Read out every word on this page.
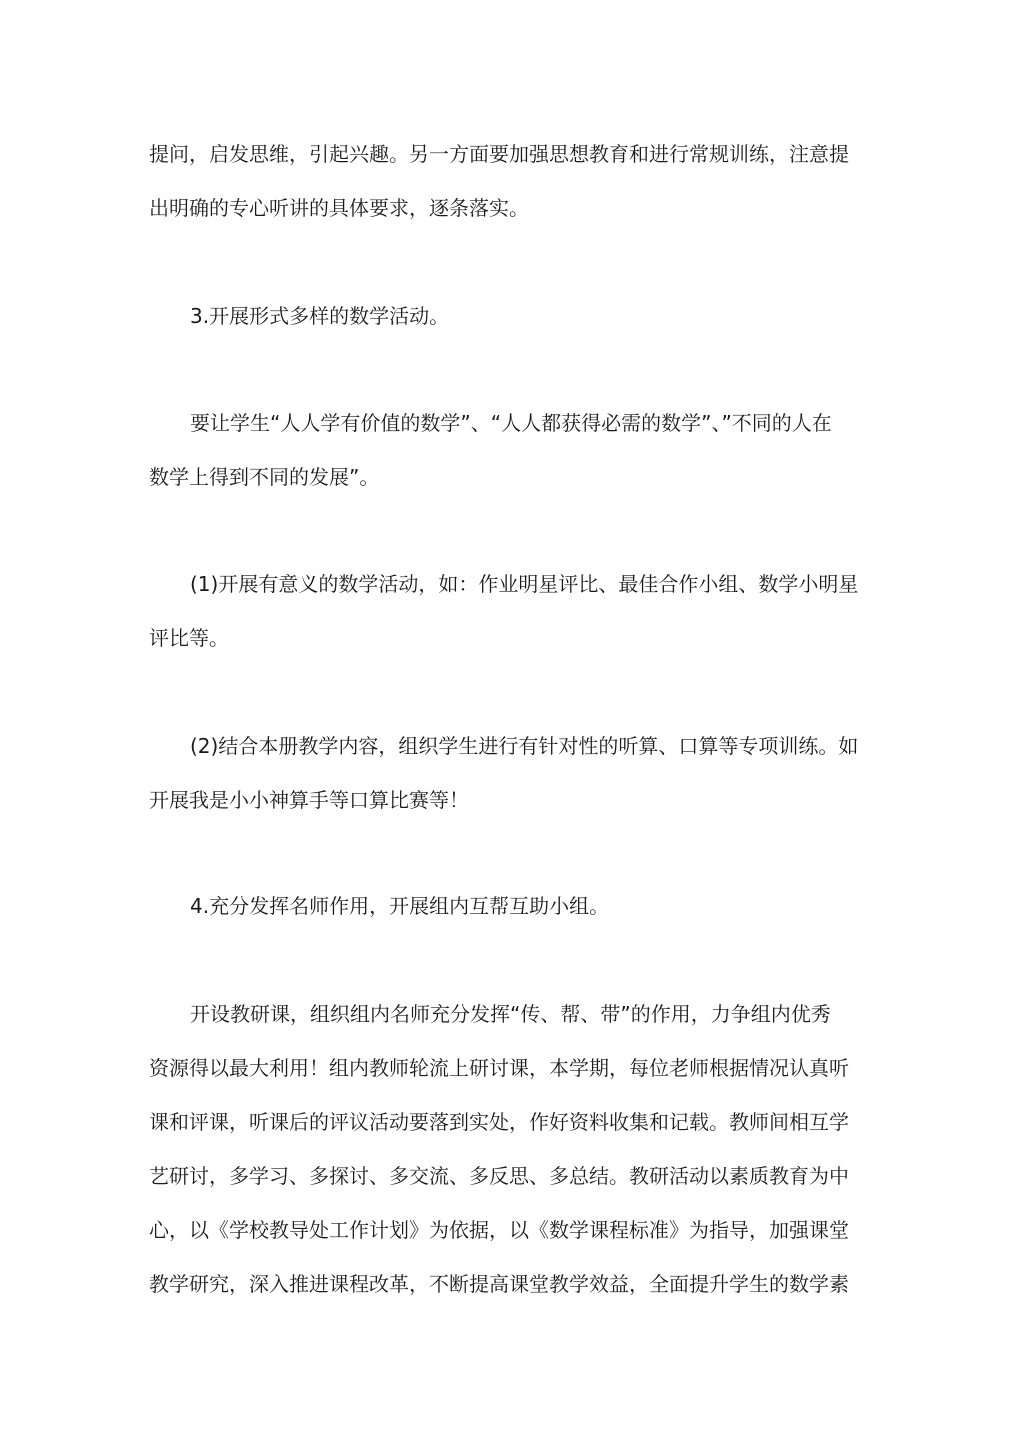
提问，启发思维，引起兴趣。另一方面要加强思想教育和进行常规训练，注意提
出明确的专心听讲的具体要求，逐条落实。

3.开展形式多样的数学活动。

要让学生“人人学有价值的数学”、“人人都获得必需的数学”、”不同的人在
数学上得到不同的发展”。

(1)开展有意义的数学活动，如：作业明星评比、最佳合作小组、数学小明星
评比等。

(2)结合本册教学内容，组织学生进行有针对性的听算、口算等专项训练。如
开展我是小小神算手等口算比赛等！

4.充分发挥名师作用，开展组内互帮互助小组。

开设教研课，组织组内名师充分发挥“传、帮、带”的作用，力争组内优秀
资源得以最大利用！组内教师轮流上研讨课，本学期，每位老师根据情况认真听
课和评课，听课后的评议活动要落到实处，作好资料收集和记载。教师间相互学
艺研讨，多学习、多探讨、多交流、多反思、多总结。教研活动以素质教育为中
心，以《学校教导处工作计划》为依据，以《数学课程标准》为指导，加强课堂
教学研究，深入推进课程改革，不断提高课堂教学效益，全面提升学生的数学素
